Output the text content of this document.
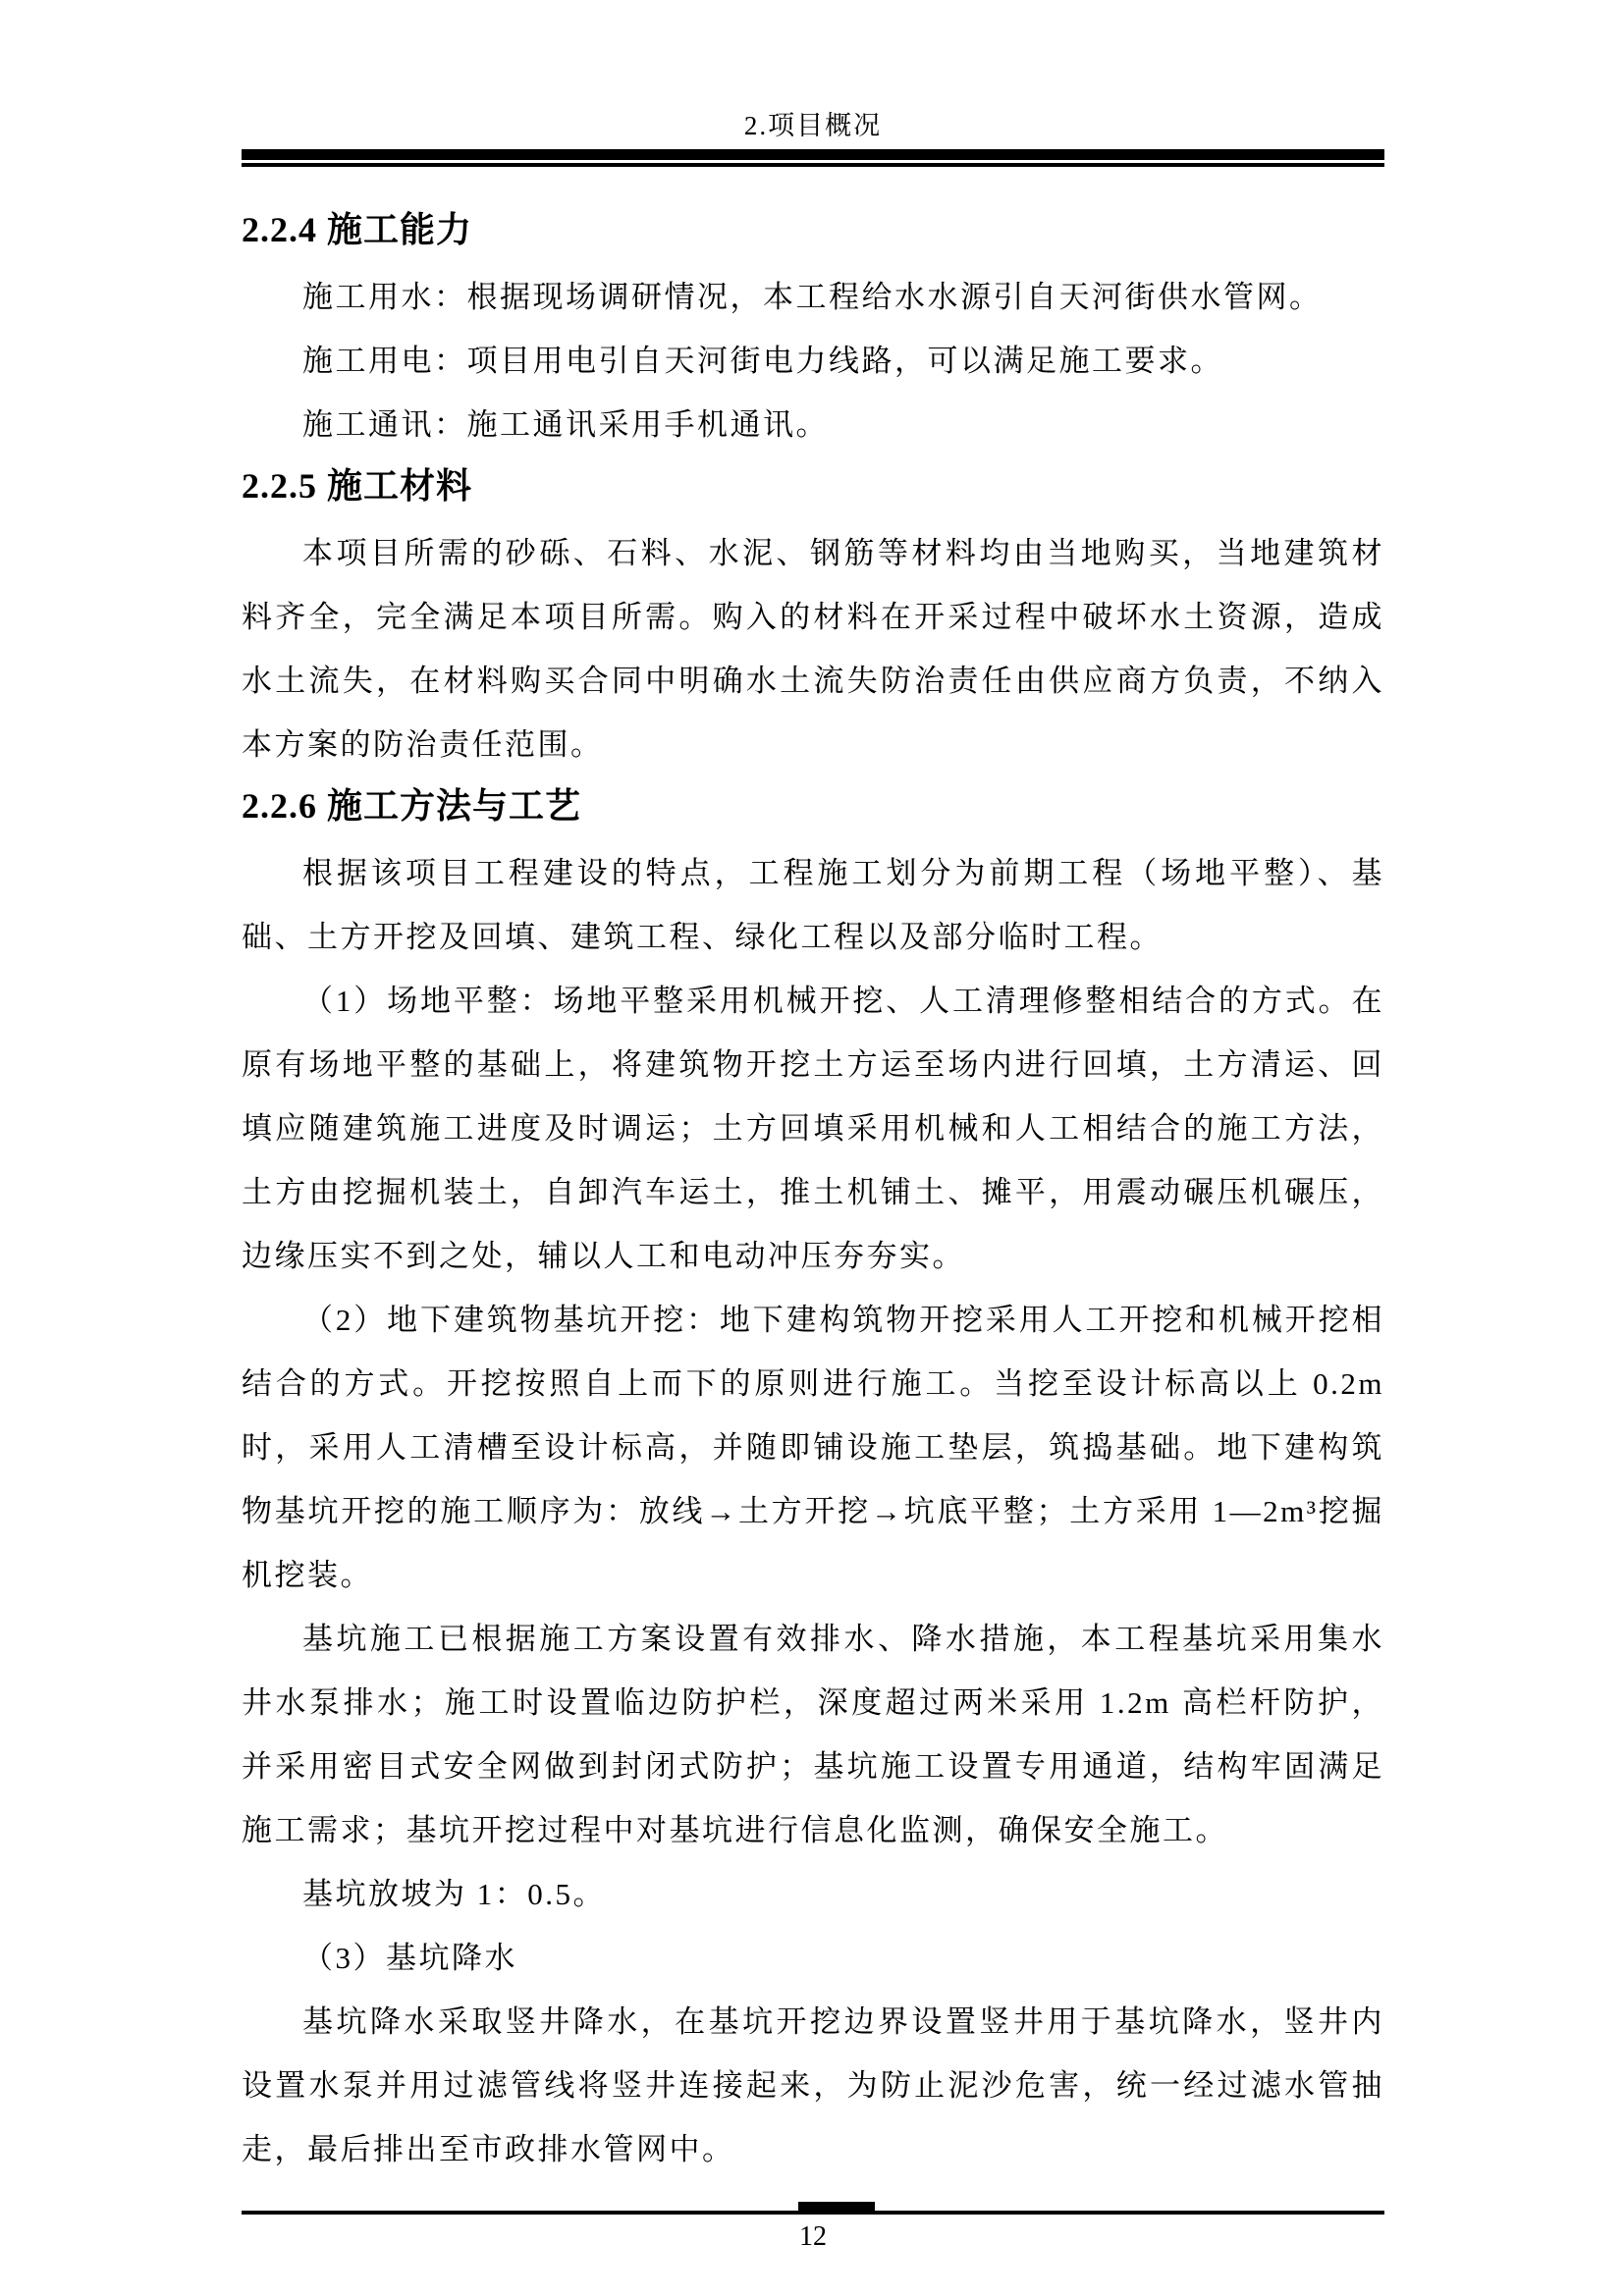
2.项目概况
2.2.4 施工能力

施工用水：根据现场调研情况，本工程给水水源引自天河街供水管网。

施工用电：项目用电引自天河街电力线路，可以满足施工要求。

施工通讯：施工通讯采用手机通讯。

2.2.5 施工材料

本项目所需的砂砾、石料、水泥、钢筋等材料均由当地购买，当地建筑材料齐全，完全满足本项目所需。购入的材料在开采过程中破坏水土资源，造成水土流失，在材料购买合同中明确水土流失防治责任由供应商方负责，不纳入本方案的防治责任范围。

2.2.6 施工方法与工艺

根据该项目工程建设的特点，工程施工划分为前期工程（场地平整）、基础、土方开挖及回填、建筑工程、绿化工程以及部分临时工程。

（1）场地平整：场地平整采用机械开挖、人工清理修整相结合的方式。在原有场地平整的基础上，将建筑物开挖土方运至场内进行回填，土方清运、回填应随建筑施工进度及时调运；土方回填采用机械和人工相结合的施工方法，土方由挖掘机装土，自卸汽车运土，推土机铺土、摊平，用震动碾压机碾压，边缘压实不到之处，辅以人工和电动冲压夯夯实。

（2）地下建筑物基坑开挖：地下建构筑物开挖采用人工开挖和机械开挖相结合的方式。开挖按照自上而下的原则进行施工。当挖至设计标高以上 0.2m 时，采用人工清槽至设计标高，并随即铺设施工垫层，筑捣基础。地下建构筑物基坑开挖的施工顺序为：放线→土方开挖→坑底平整；土方采用 1—2m³挖掘机挖装。

基坑施工已根据施工方案设置有效排水、降水措施，本工程基坑采用集水井水泵排水；施工时设置临边防护栏，深度超过两米采用 1.2m 高栏杆防护，并采用密目式安全网做到封闭式防护；基坑施工设置专用通道，结构牢固满足施工需求；基坑开挖过程中对基坑进行信息化监测，确保安全施工。

基坑放坡为 1：0.5。

（3）基坑降水

基坑降水采取竖井降水，在基坑开挖边界设置竖井用于基坑降水，竖井内设置水泵并用过滤管线将竖井连接起来，为防止泥沙危害，统一经过滤水管抽走，最后排出至市政排水管网中。

12
